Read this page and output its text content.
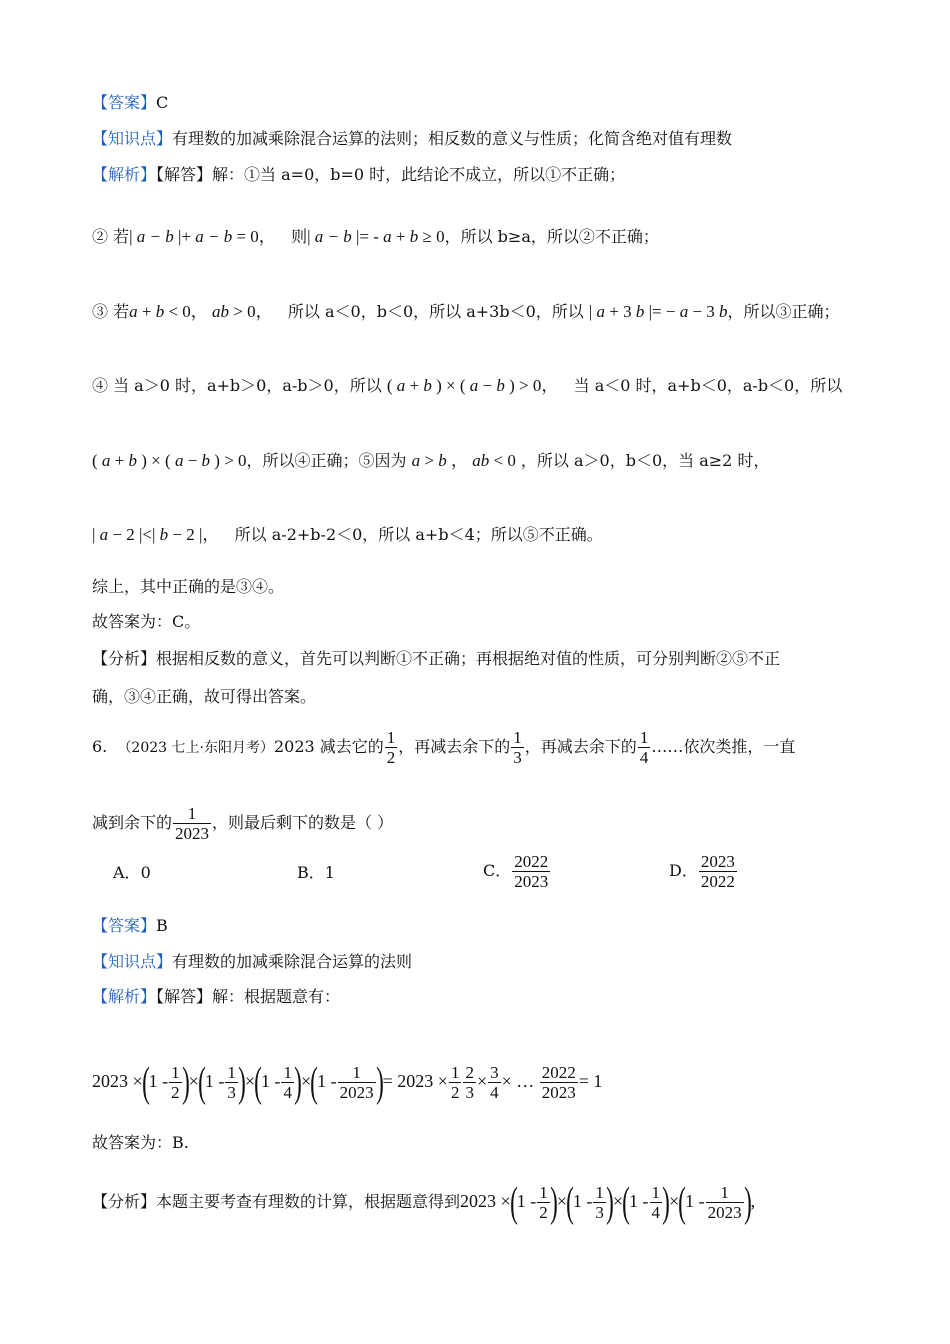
【答案】C
【知识点】有理数的加减乘除混合运算的法则；相反数的意义与性质；化简含绝对值有理数
【解析】【解答】解：①当 a=0，b=0 时，此结论不成立，所以①不正确；
② 若| a − b |+ a − b = 0， 则| a − b |= - a + b ≥ 0，所以 b≥a，所以②不正确；
③ 若a + b < 0， ab > 0， 所以 a＜0，b＜0，所以 a+3b＜0，所以 | a + 3 b |= − a − 3 b，所以③正确；
④ 当 a＞0 时，a+b＞0，a-b＞0，所以 ( a + b ) × ( a − b ) > 0， 当 a＜0 时，a+b＜0，a-b＜0，所以
( a + b ) × ( a − b ) > 0，所以④正确；⑤因为 a > b ， ab < 0 ，所以 a＞0，b＜0，当 a≥2 时，
| a − 2 |<| b − 2 |， 所以 a-2+b-2＜0，所以 a+b＜4；所以⑤不正确。
综上，其中正确的是③④。
故答案为：C。
【分析】根据相反数的意义，首先可以判断①不正确；再根据绝对值的性质，可分别判断②⑤不正
确，③④正确，故可得出答案。
6. （2023 七上·东阳月考）2023 减去它的 $\frac{1}{2}$ ，再减去余下的 $\frac{1}{3}$ ，再减去余下的 $\frac{1}{4}$ ……依次类推，一直
减到余下的 $\frac{1}{2023}$ ，则最后剩下的数是（ ）
A．0	B．1	C． $\frac{2022}{2023}$	D． $\frac{2023}{2022}$
【答案】B
【知识点】有理数的加减乘除混合运算的法则
【解析】【解答】解：根据题意有：
$2023 \times(1 - \frac{1}{2} )\times(1 - \frac{1}{3} )\times(1 - \frac{1}{4} )\times(1 - \frac{1}{2023}$ )= $2023 \times \frac{1}{2} \frac{2}{3} \times \frac{3}{4}$ × … $\frac{2022}{2023} = 1$
故答案为：B.
【分析】本题主要考查有理数的计算，根据题意得到$2023 \times(1 - \frac{1}{2} )\times(1 - \frac{1}{3} )\times(1 - \frac{1}{4} )\times(1 - \frac{1}{2023}$ ),
